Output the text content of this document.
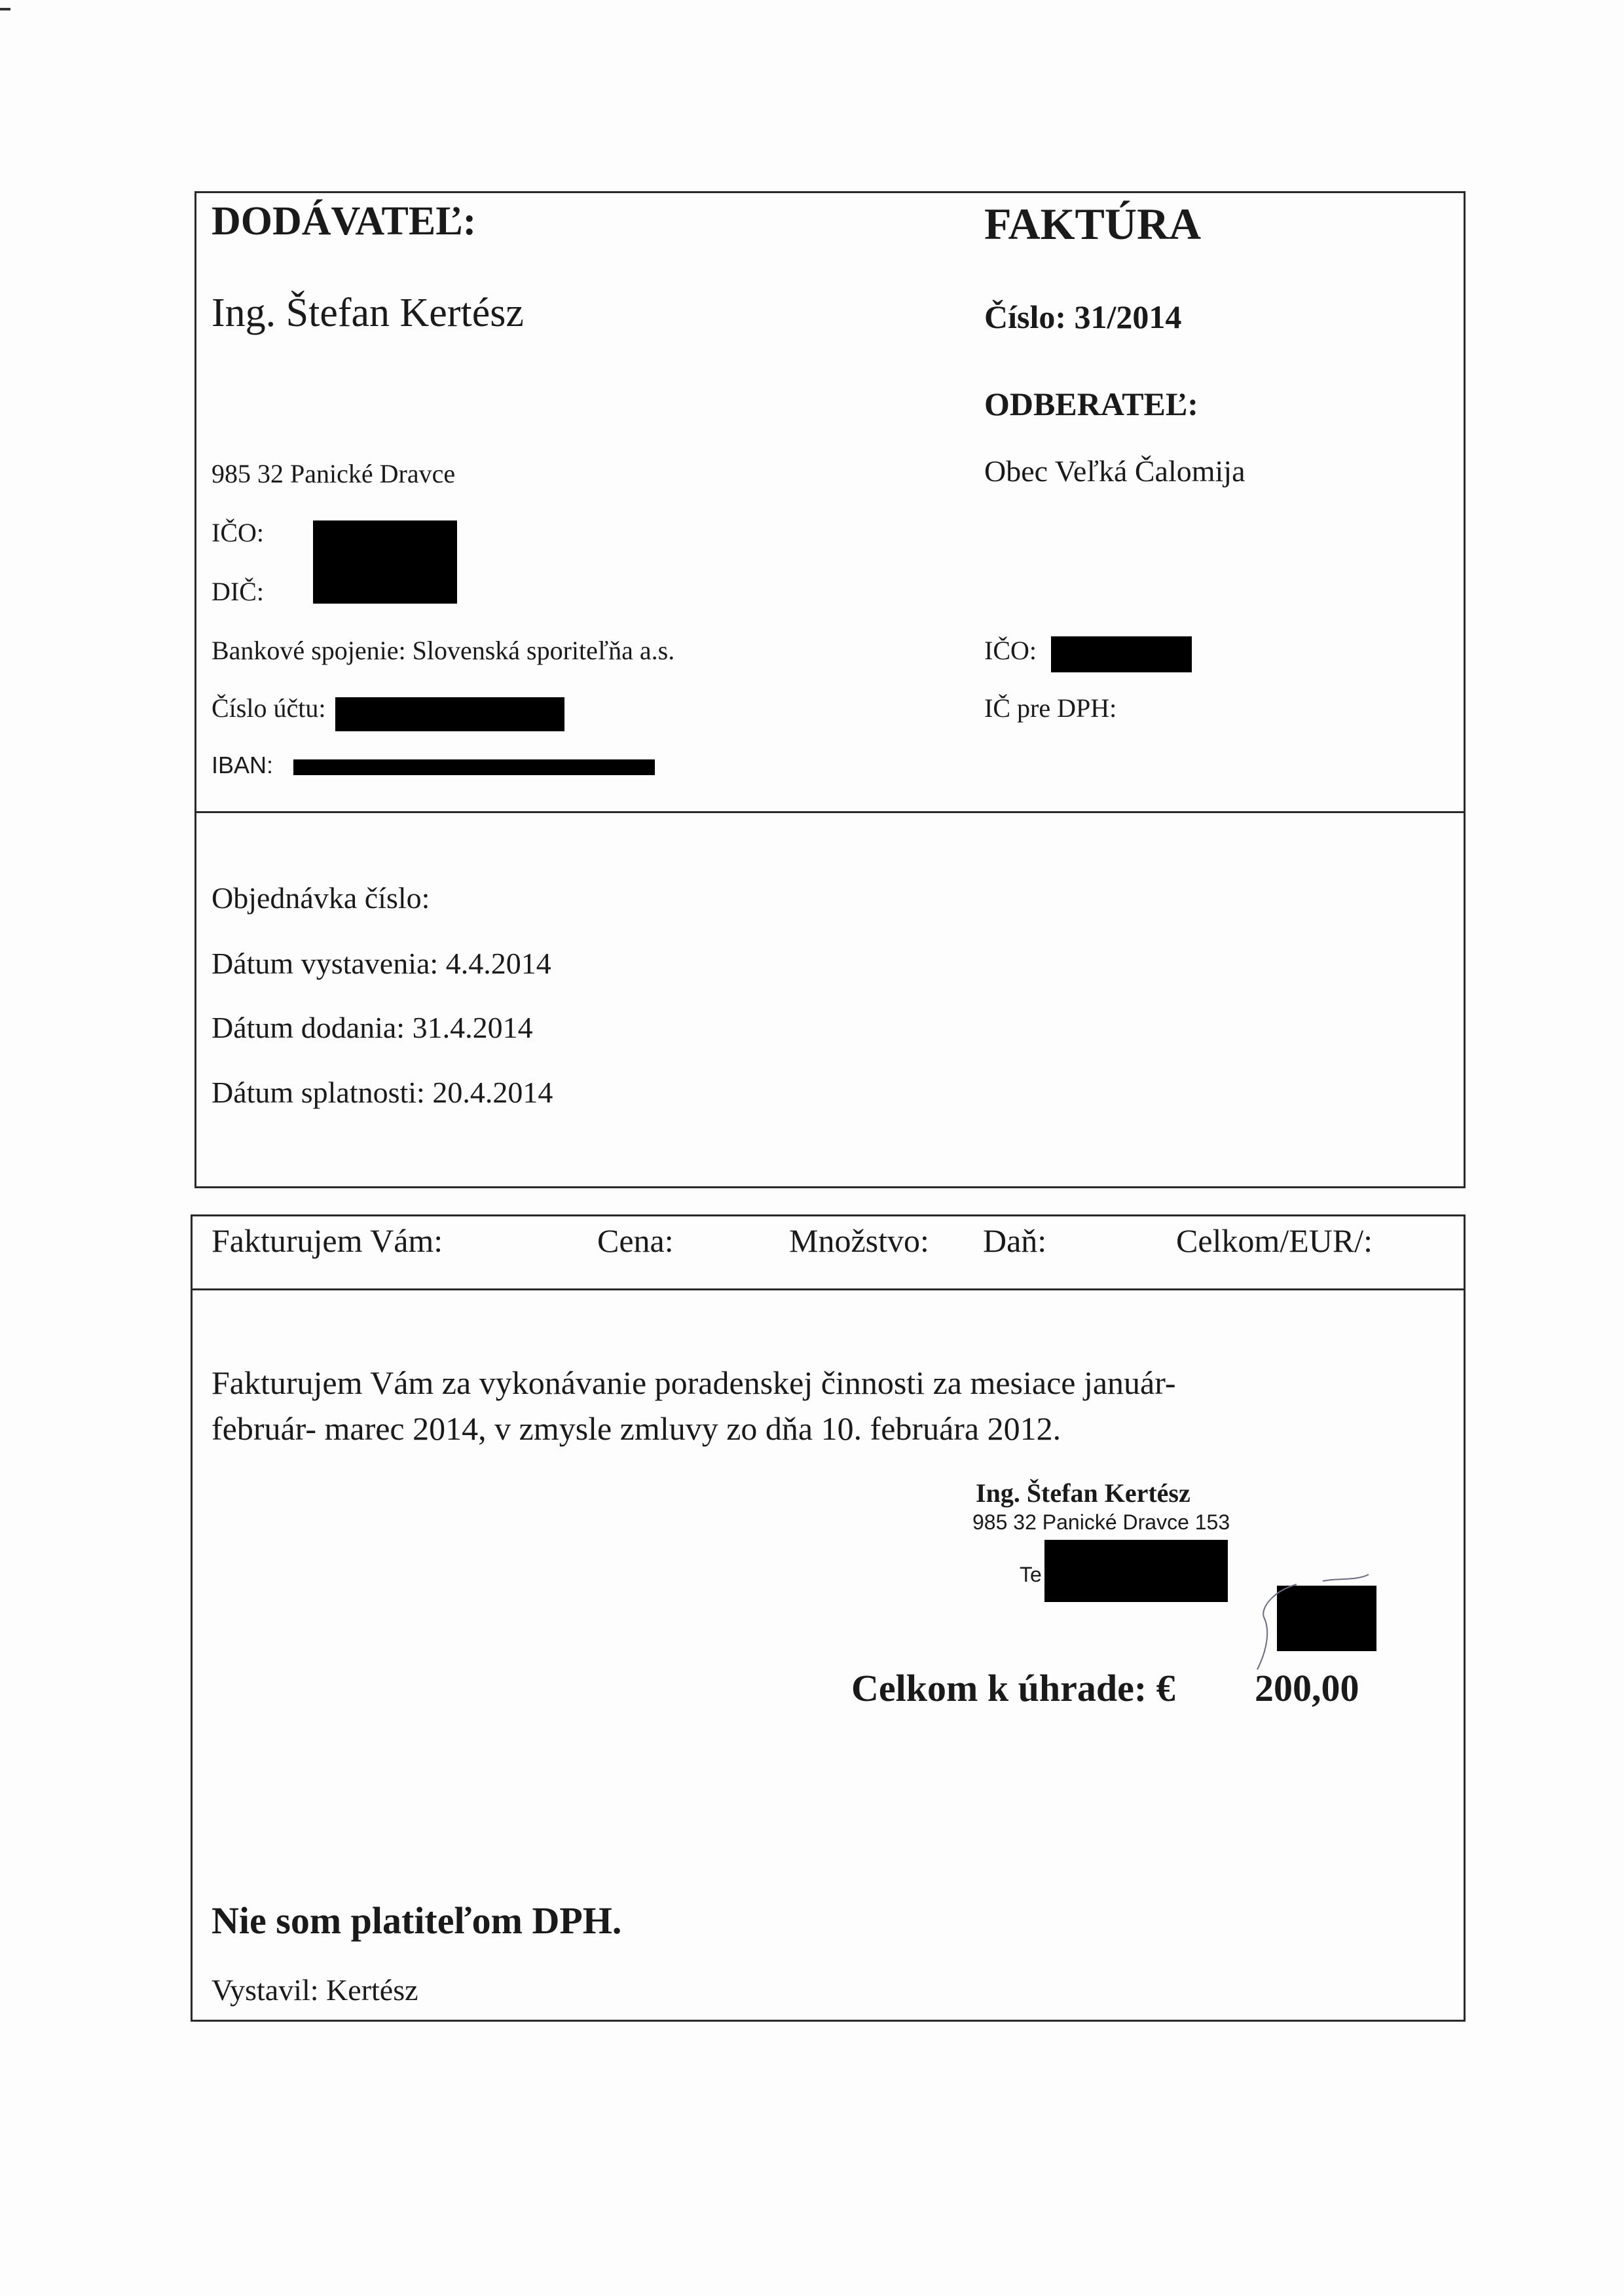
DODÁVATEĽ:
Ing. Štefan Kertész
985 32 Panické Dravce
IČO:
DIČ:
Bankové spojenie: Slovenská sporiteľňa a.s.
Číslo účtu:
IBAN:
FAKTÚRA
Číslo: 31/2014
ODBERATEĽ:
Obec Veľká Čalomija
IČO:
IČ pre DPH:
Objednávka číslo:
Dátum vystavenia: 4.4.2014
Dátum dodania: 31.4.2014
Dátum splatnosti: 20.4.2014
Fakturujem Vám:	Cena:	Množstvo: Daň:	Celkom/EUR/:
Fakturujem Vám za vykonávanie poradenskej činnosti za mesiace január-
február- marec 2014, v zmysle zmluvy zo dňa 10. februára 2012.
Ing. Štefan Kertész
985 32 Panické Dravce 153
Te
Celkom k úhrade: € 200,00
Nie som platiteľom DPH.
Vystavil: Kertész
